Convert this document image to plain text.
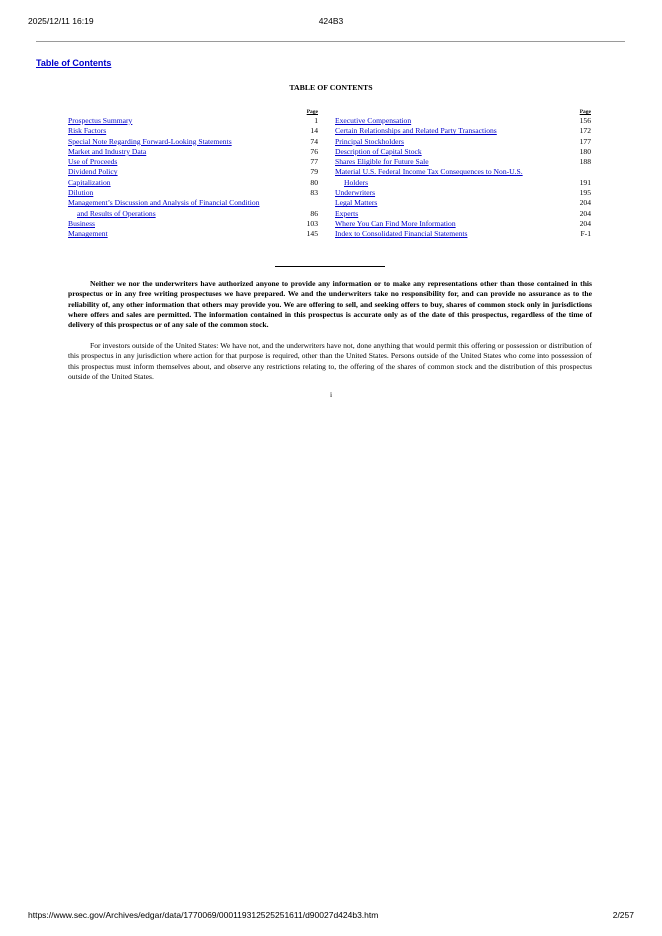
2025/12/11 16:19	424B3
Table of Contents
TABLE OF CONTENTS
Page
Prospectus Summary	1
Risk Factors	14
Special Note Regarding Forward-Looking Statements	74
Market and Industry Data	76
Use of Proceeds	77
Dividend Policy	79
Capitalization	80
Dilution	83
Management’s Discussion and Analysis of Financial Condition
and Results of Operations	86
Business	103
Management	145
Page
Executive Compensation	156
Certain Relationships and Related Party Transactions	172
Principal Stockholders	177
Description of Capital Stock	180
Shares Eligible for Future Sale	188
Material U.S. Federal Income Tax Consequences to Non-U.S.
Holders	191
Underwriters	195
Legal Matters	204
Experts	204
Where You Can Find More Information	204
Index to Consolidated Financial Statements	F-1

Neither we nor the underwriters have authorized anyone to provide any information or to make any representations other than those contained in this prospectus or in any free writing prospectuses we have prepared. We and the underwriters take no responsibility for, and can provide no assurance as to the reliability of, any other information that others may provide you. We are offering to sell, and seeking offers to buy, shares of common stock only in jurisdictions where offers and sales are permitted. The information contained in this prospectus is accurate only as of the date of this prospectus, regardless of the time of delivery of this prospectus or of any sale of the common stock.

For investors outside of the United States: We have not, and the underwriters have not, done anything that would permit this offering or possession or distribution of this prospectus in any jurisdiction where action for that purpose is required, other than the United States. Persons outside of the United States who come into possession of this prospectus must inform themselves about, and observe any restrictions relating to, the offering of the shares of common stock and the distribution of this prospectus outside of the United States.

i
https://www.sec.gov/Archives/edgar/data/1770069/000119312525251611/d90027d424b3.htm	2/257
